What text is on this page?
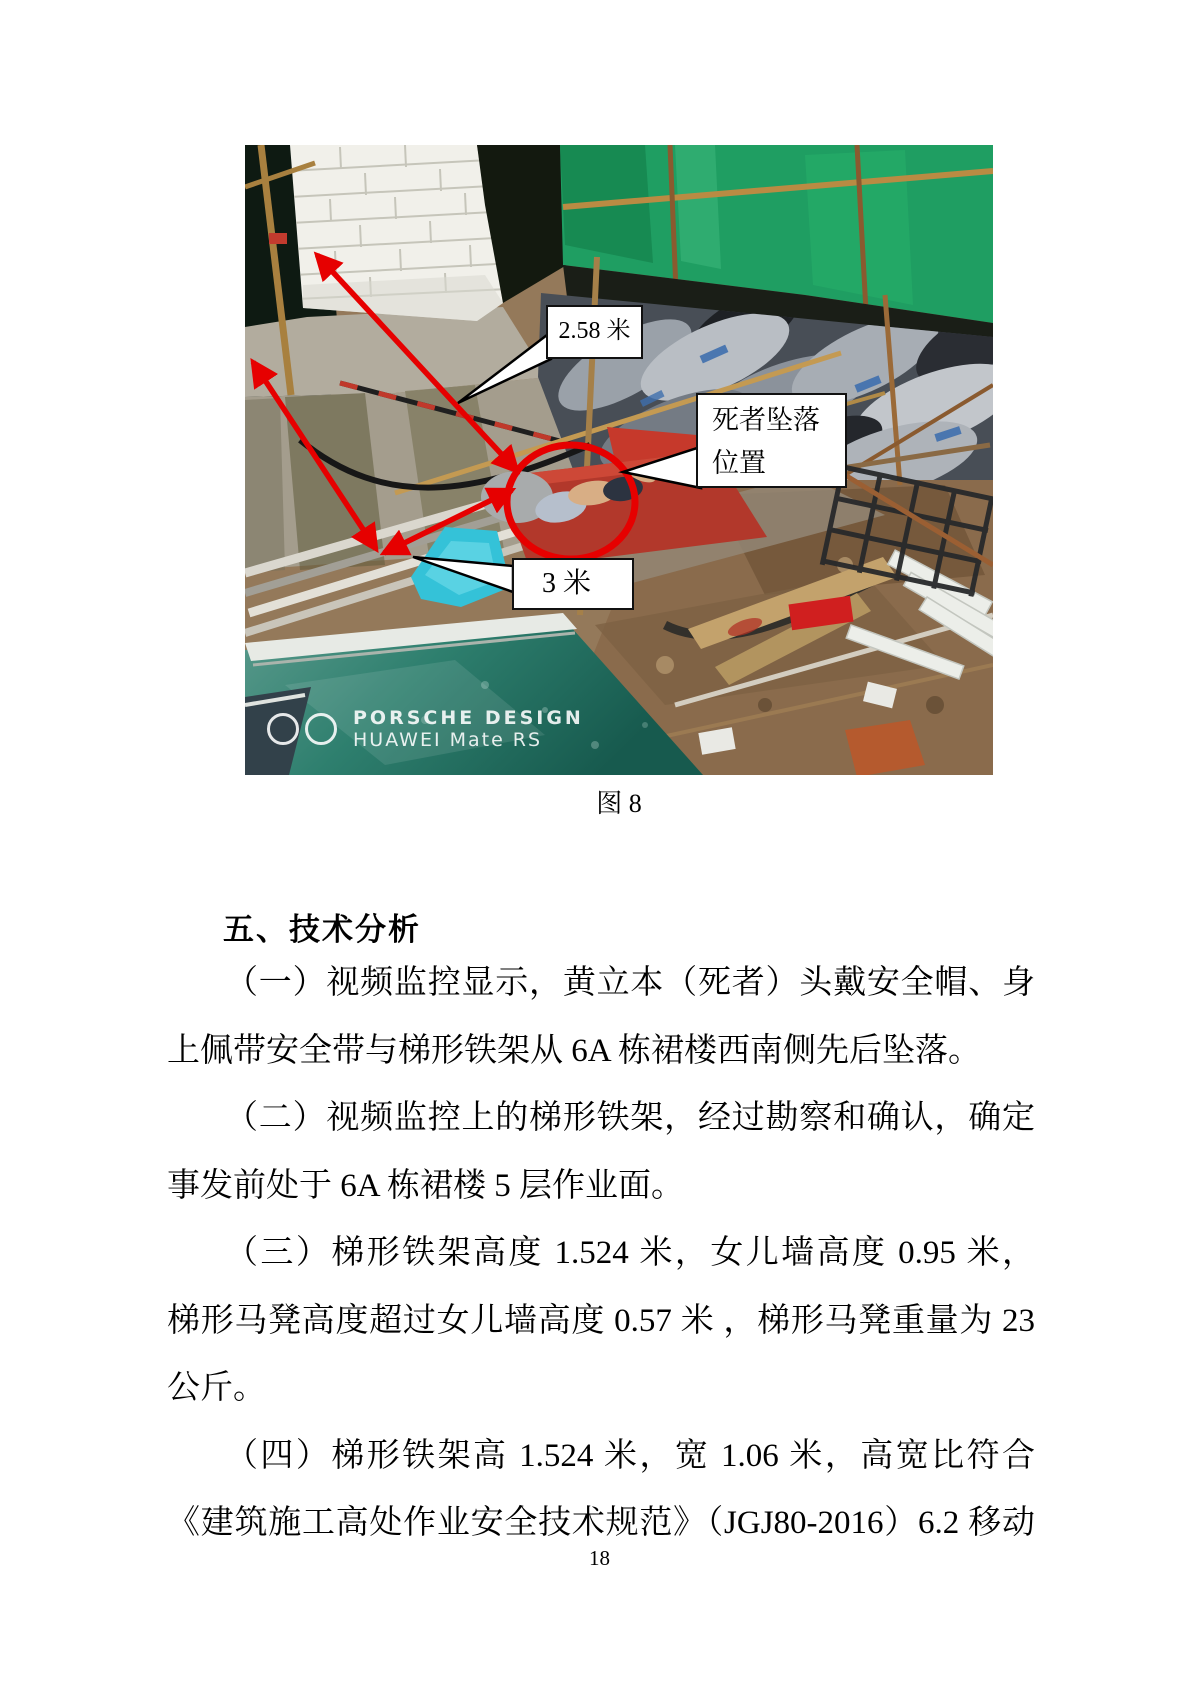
2.58 米
死者坠落位置
3 米
PORSCHE DESIGN
HUAWEI Mate RS
图 8
五、技术分析
（一）视频监控显示，黄立本（死者）头戴安全帽、身
上佩带安全带与梯形铁架从 6A 栋裙楼西南侧先后坠落。
（二）视频监控上的梯形铁架，经过勘察和确认，确定
事发前处于 6A 栋裙楼 5 层作业面。
（三）梯形铁架高度 1.524 米，女儿墙高度 0.95 米，
梯形马凳高度超过女儿墙高度 0.57 米 ，梯形马凳重量为 23
公斤。
（四）梯形铁架高 1.524 米，宽 1.06 米，高宽比符合
《建筑施工高处作业安全技术规范》（JGJ80-2016）6.2 移动
18
